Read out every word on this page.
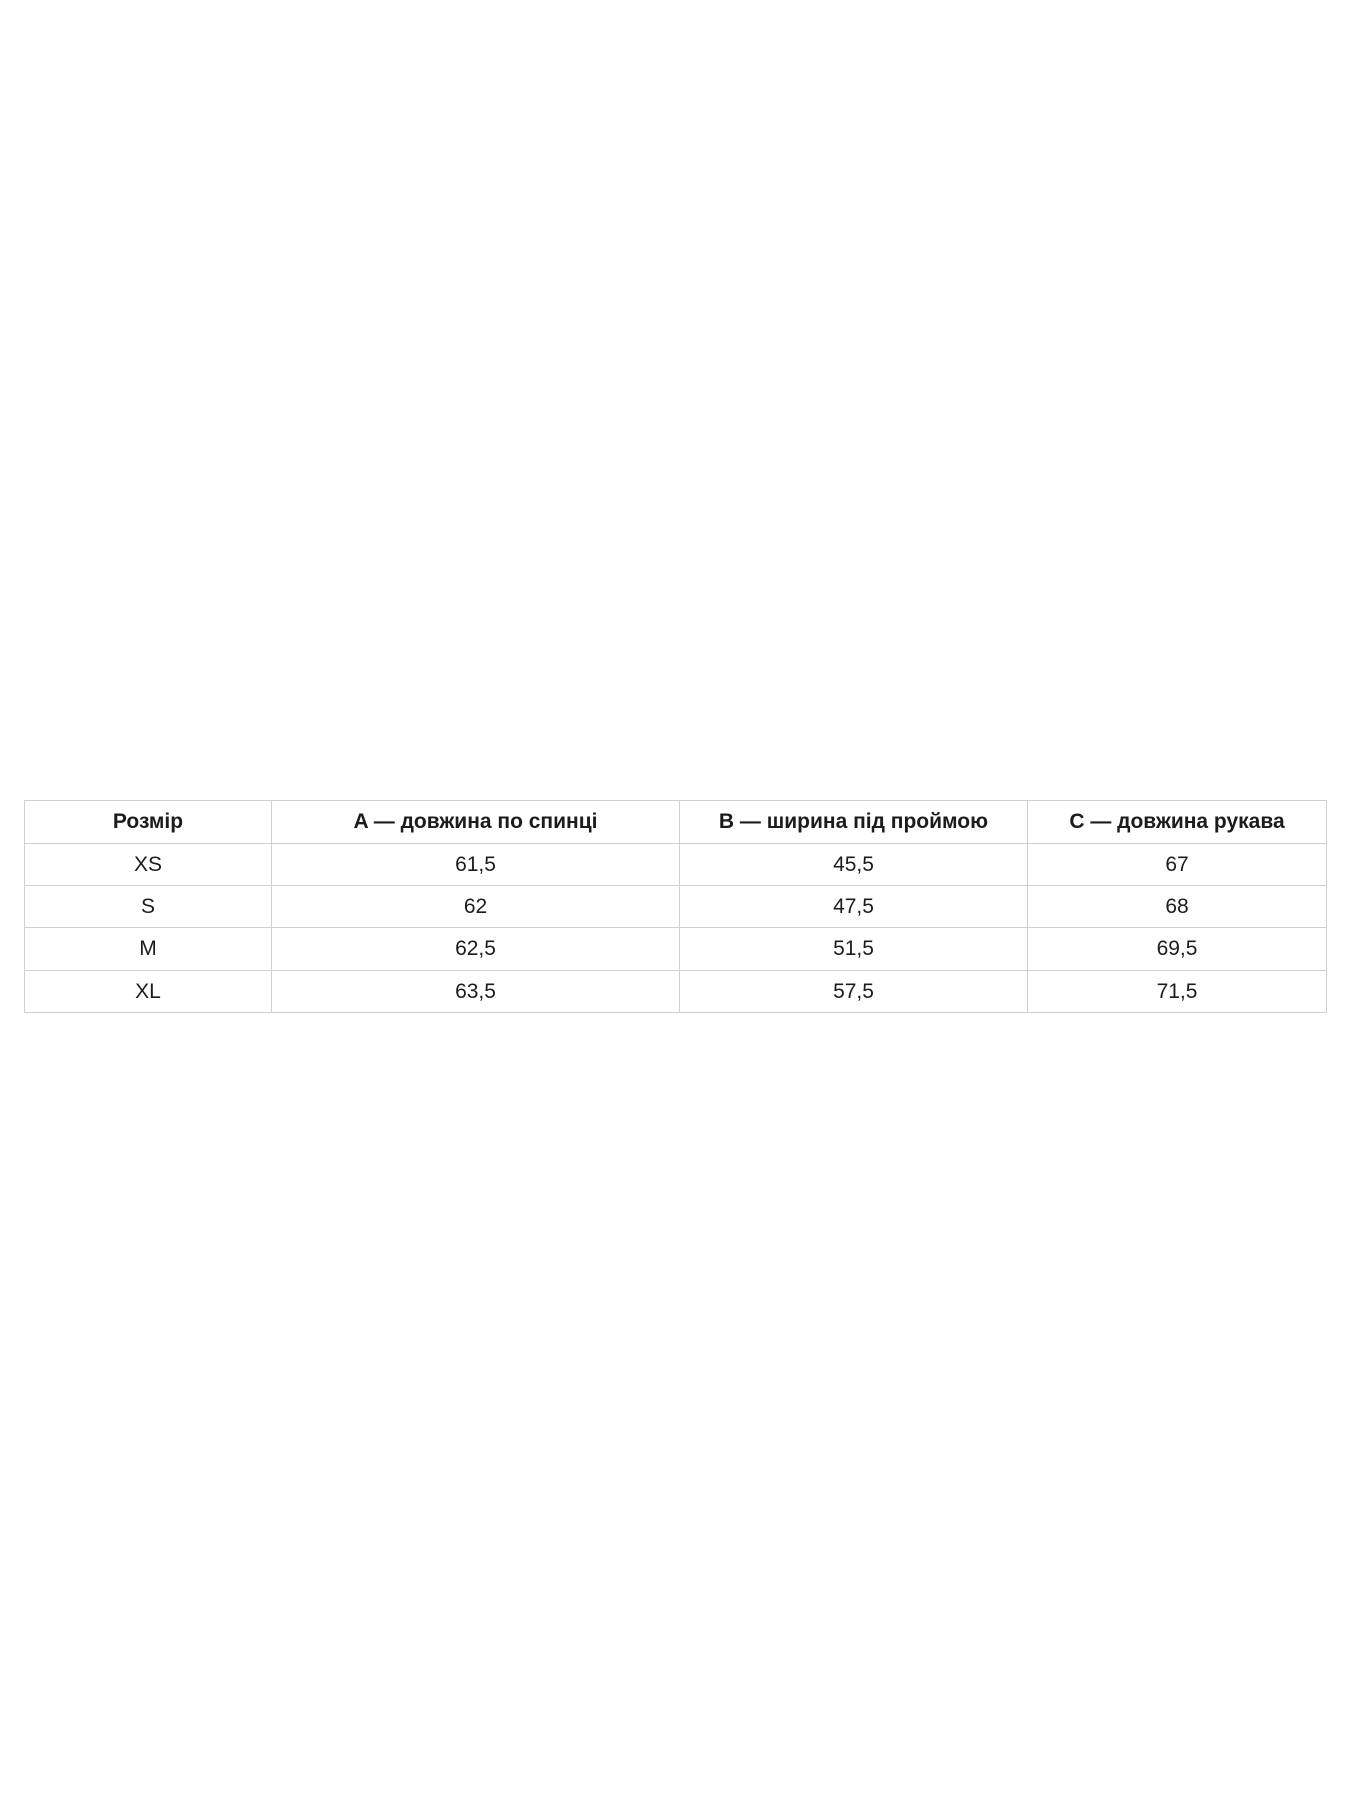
Розмір	A — довжина по спинці	B — ширина під проймою	C — довжина рукава
XS	61,5	45,5	67
S	62	47,5	68
M	62,5	51,5	69,5
XL	63,5	57,5	71,5
